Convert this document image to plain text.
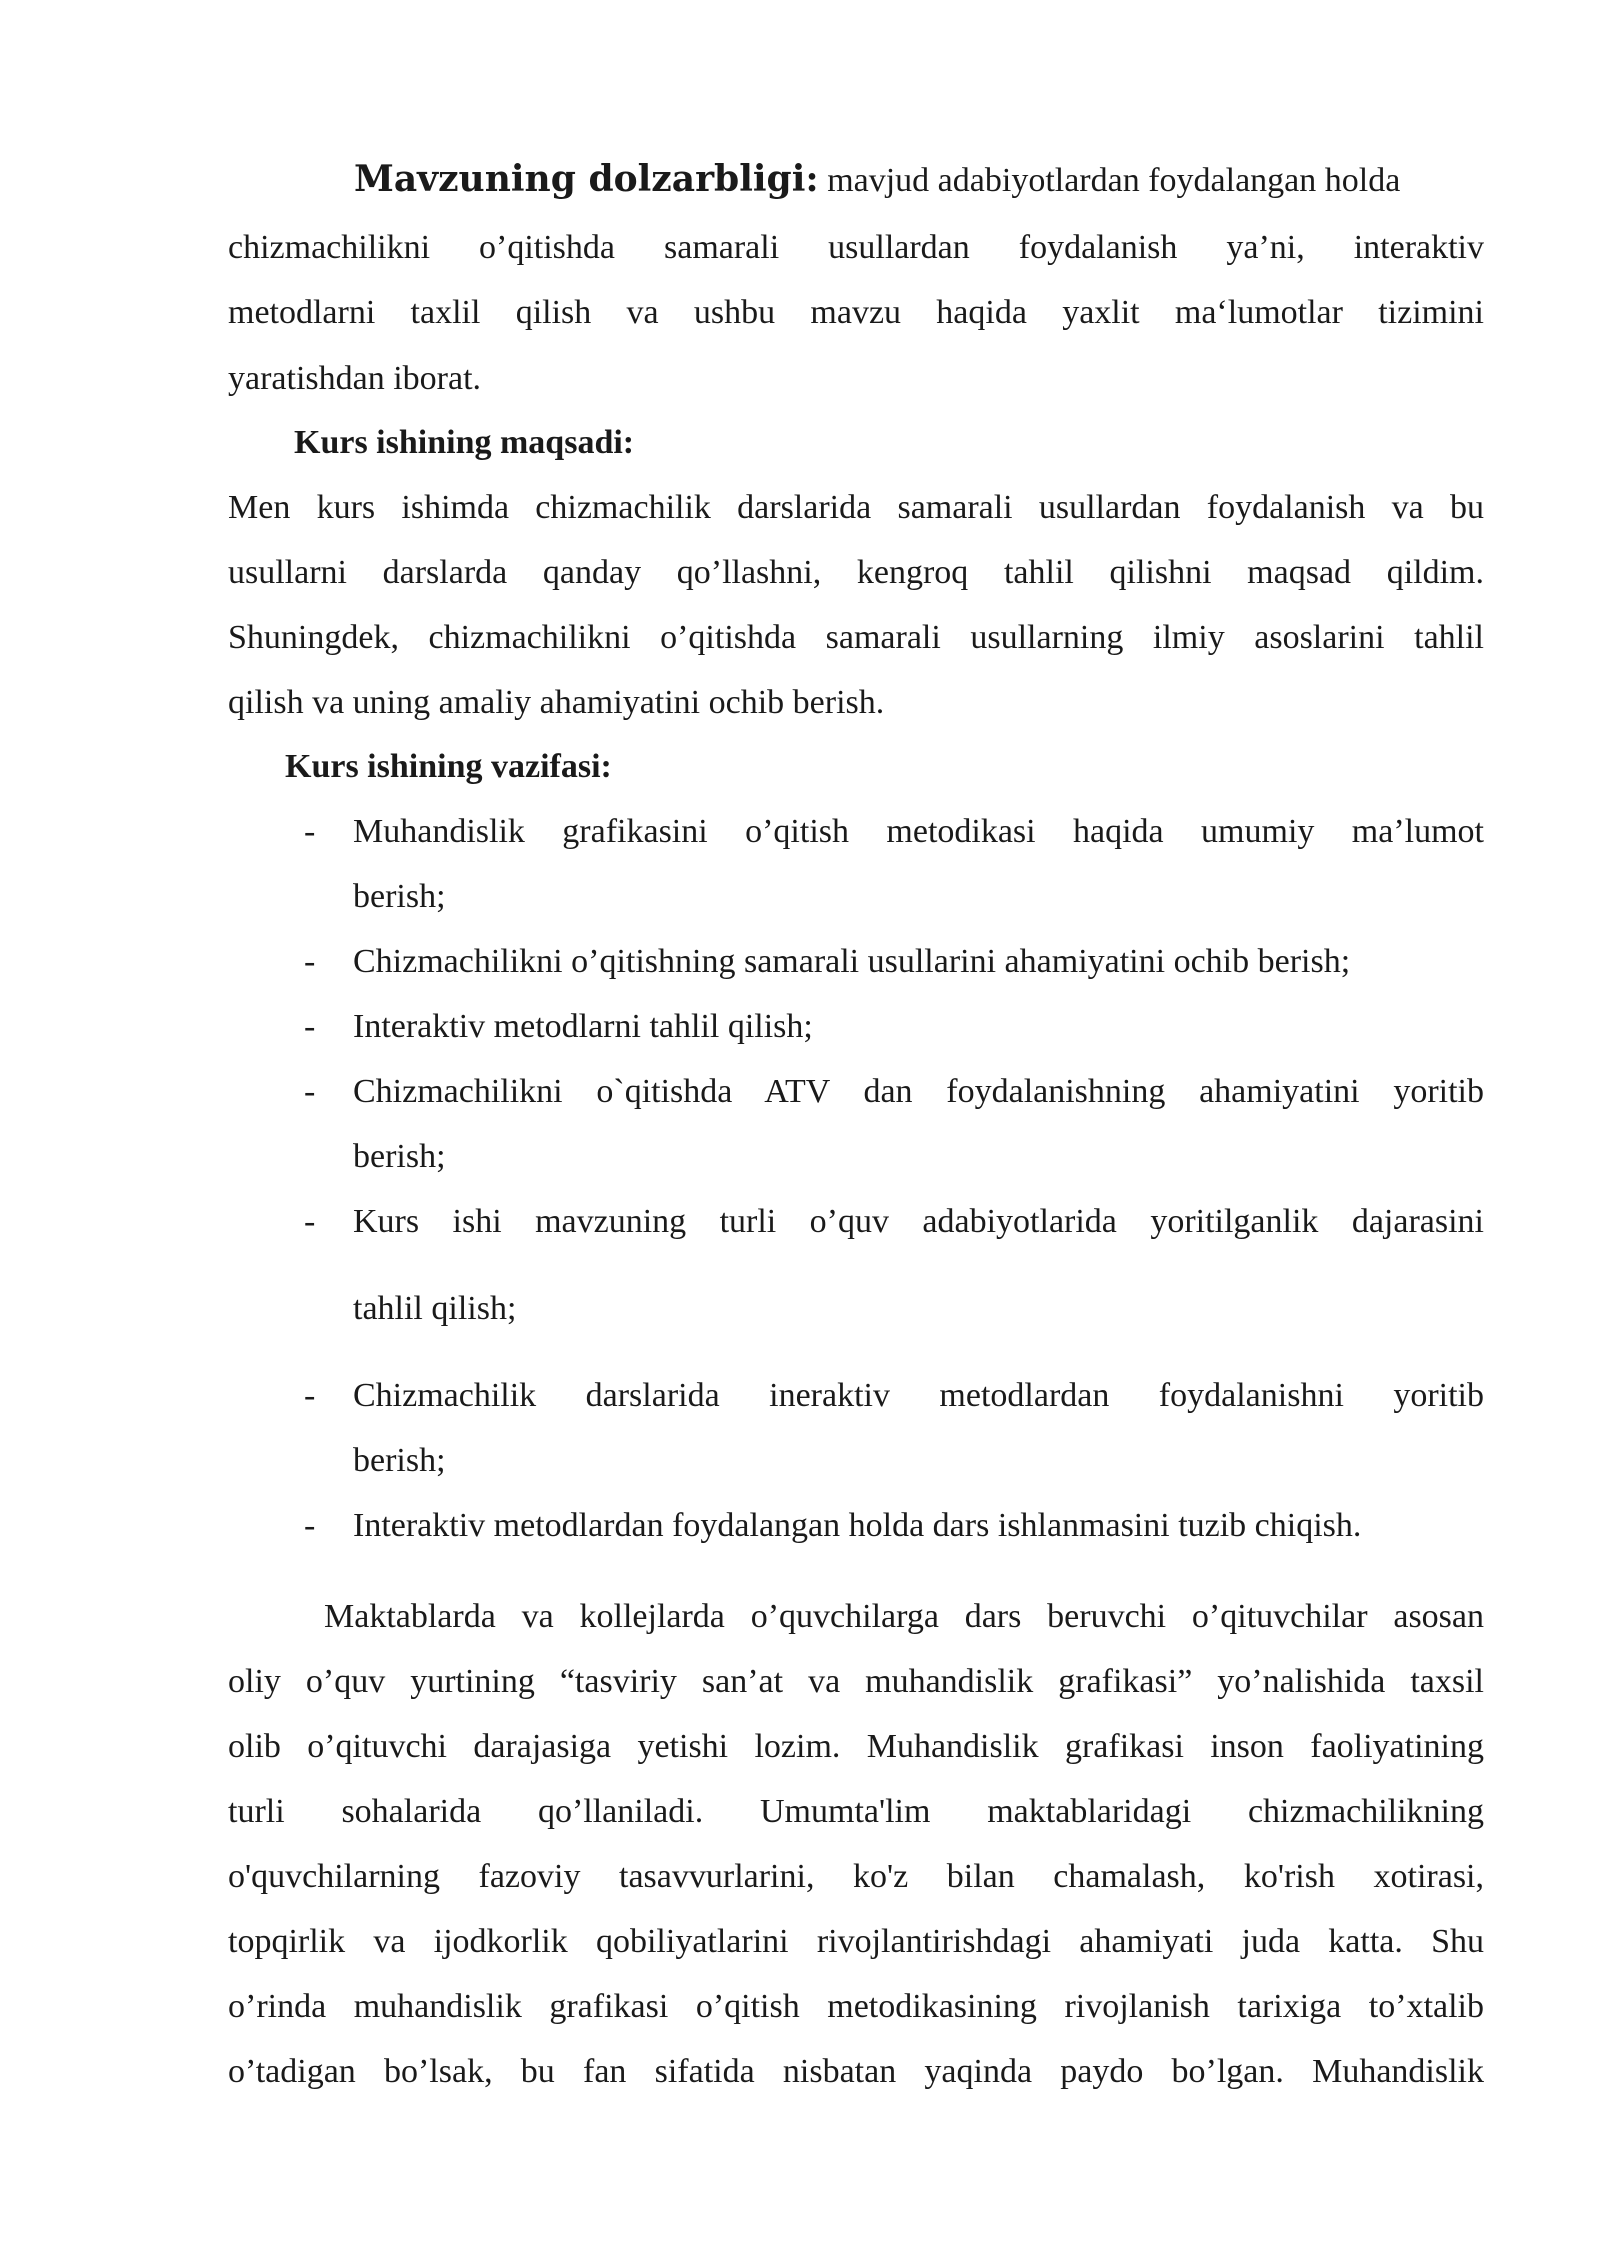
Mavzuning dolzarbligi: mavjud adabiyotlardan foydalangan holda
chizmachilikni o’qitishda samarali usullardan foydalanish ya’ni, interaktiv
metodlarni taxlil qilish va ushbu mavzu haqida yaxlit ma‘lumotlar tizimini
yaratishdan iborat.
Kurs ishining maqsadi:
Men kurs ishimda chizmachilik darslarida samarali usullardan foydalanish va bu
usullarni darslarda qanday qo’llashni, kengroq tahlil qilishni maqsad qildim.
Shuningdek, chizmachilikni o’qitishda samarali usullarning ilmiy asoslarini tahlil
qilish va uning amaliy ahamiyatini ochib berish.
Kurs ishining vazifasi:
- Muhandislik grafikasini o’qitish metodikasi haqida umumiy ma’lumot
berish;
- Chizmachilikni o’qitishning samarali usullarini ahamiyatini ochib berish;
- Interaktiv metodlarni tahlil qilish;
- Chizmachilikni o`qitishda ATV dan foydalanishning ahamiyatini yoritib
berish;
- Kurs ishi mavzuning turli o’quv adabiyotlarida yoritilganlik dajarasini
tahlil qilish;
- Chizmachilik darslarida ineraktiv metodlardan foydalanishni yoritib
berish;
- Interaktiv metodlardan foydalangan holda dars ishlanmasini tuzib chiqish.
Maktablarda va kollejlarda o’quvchilarga dars beruvchi o’qituvchilar asosan
oliy o’quv yurtining “tasviriy san’at va muhandislik grafikasi” yo’nalishida taxsil
olib o’qituvchi darajasiga yetishi lozim. Muhandislik grafikasi inson faoliyatining
turli sohalarida qo’llaniladi. Umumta'lim maktablaridagi chizmachilikning
o'quvchilarning fazoviy tasavvurlarini, ko'z bilan chamalash, ko'rish xotirasi,
topqirlik va ijodkorlik qobiliyatlarini rivojlantirishdagi ahamiyati juda katta. Shu
o’rinda muhandislik grafikasi o’qitish metodikasining rivojlanish tarixiga to’xtalib
o’tadigan bo’lsak, bu fan sifatida nisbatan yaqinda paydo bo’lgan. Muhandislik
